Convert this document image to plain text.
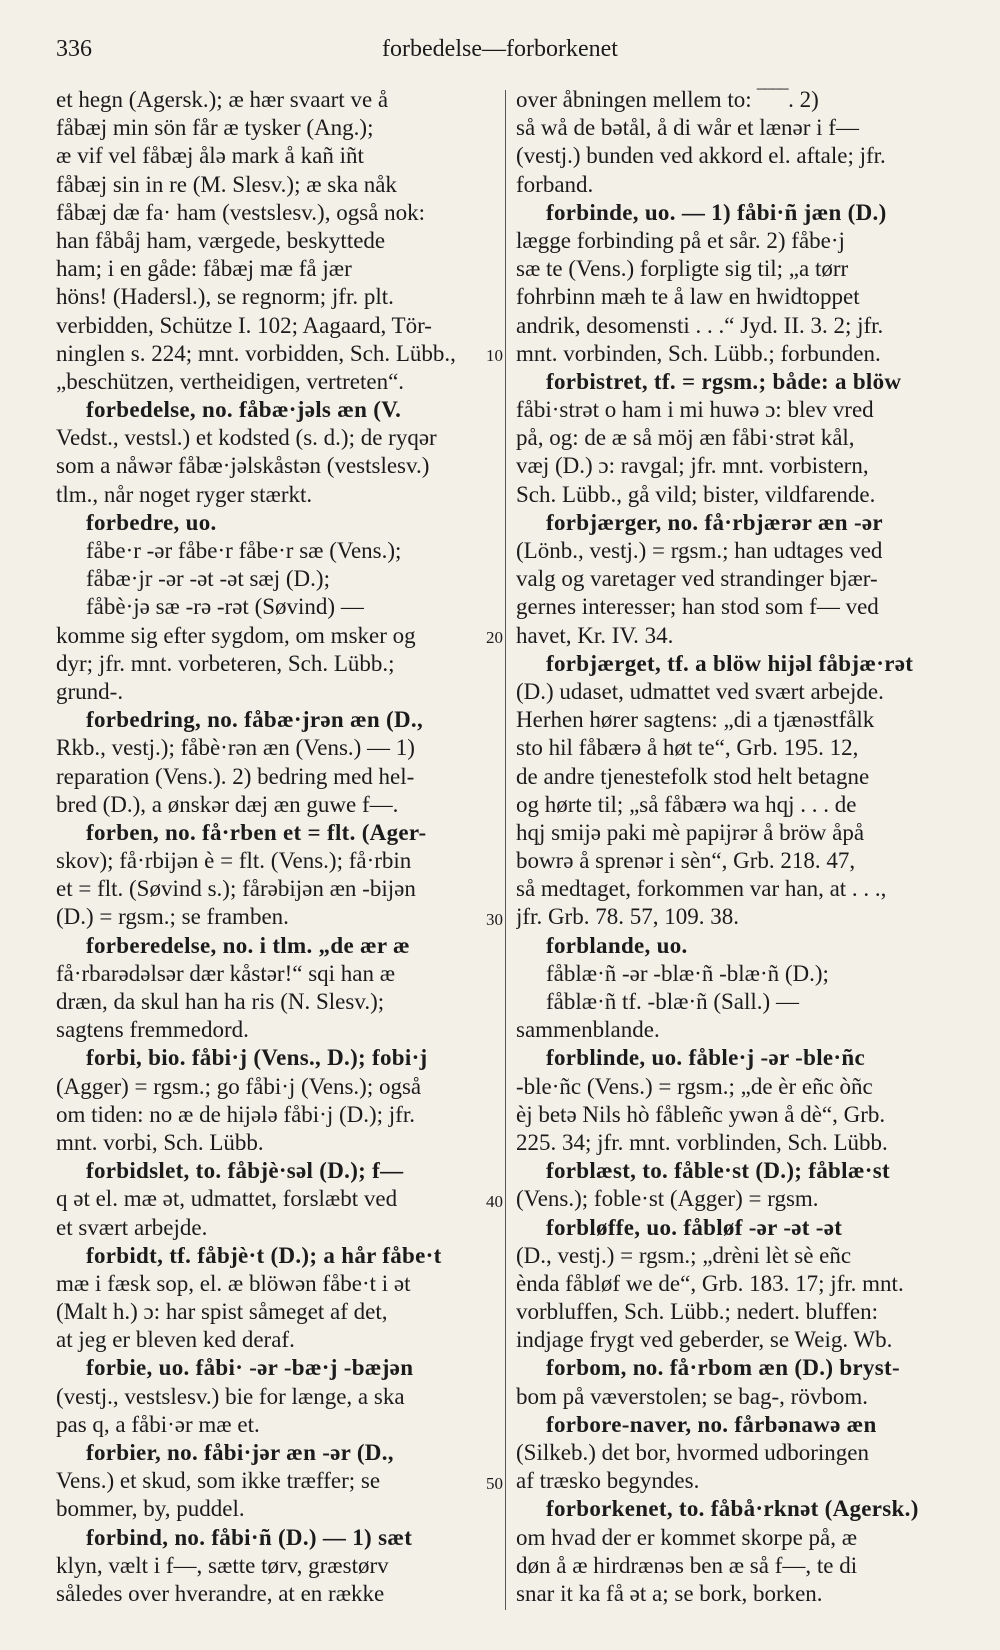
336	forbedelse—forborkenet
et hegn (Agersk.); æ hær svaart ve å
fåbæj min sön får æ tysker (Ang.);
æ vif vel fåbæj ålə mark å kañ iñt
fåbæj sin in re (M. Slesv.); æ ska nåk
fåbæj dæ fa· ham (vestslesv.), også nok:
han fåbåj ham, værgede, beskyttede
ham; i en gåde: fåbæj mæ få jær
höns! (Hadersl.), se regnorm; jfr. plt.
verbidden, Schütze I. 102; Aagaard, Tör-
ninglen s. 224; mnt. vorbidden, Sch. Lübb.,
„beschützen, vertheidigen, vertreten“.
forbedelse, no. fåbæ·jəls æn (V.
Vedst., vestsl.) et kodsted (s. d.); de ryqər
som a nåwər fåbæ·jəlskåstən (vestslesv.)
tlm., når noget ryger stærkt.
forbedre, uo.
fåbe·r -ər fåbe·r fåbe·r sæ (Vens.);
fåbæ·jr -ər -ət -ət sæj (D.);
fåbè·jə sæ -rə -rət (Søvind) —
komme sig efter sygdom, om msker og
dyr; jfr. mnt. vorbeteren, Sch. Lübb.;
grund-.
forbedring, no. fåbæ·jrən æn (D.,
Rkb., vestj.); fåbè·rən æn (Vens.) — 1)
reparation (Vens.). 2) bedring med hel-
bred (D.), a ønskər dæj æn guwe f—.
forben, no. få·rben et = flt. (Ager-
skov); få·rbijən è = flt. (Vens.); få·rbin
et = flt. (Søvind s.); fårəbijən æn -bijən
(D.) = rgsm.; se framben.
forberedelse, no. i tlm. „de ær æ
få·rbarədəlsər dær kåstər!“ sqi han æ
dræn, da skul han ha ris (N. Slesv.);
sagtens fremmedord.
forbi, bio. fåbi·j (Vens., D.); fobi·j
(Agger) = rgsm.; go fåbi·j (Vens.); også
om tiden: no æ de hijələ fåbi·j (D.); jfr.
mnt. vorbi, Sch. Lübb.
forbidslet, to. fåbjè·səl (D.); f—
q ət el. mæ ət, udmattet, forslæbt ved
et svært arbejde.
forbidt, tf. fåbjè·t (D.); a hår fåbe·t
mæ i fæsk sop, el. æ blöwən fåbe·t i ət
(Malt h.) ɔ: har spist såmeget af det,
at jeg er bleven ked deraf.
forbie, uo. fåbi· -ər -bæ·j -bæjən
(vestj., vestslesv.) bie for længe, a ska
pas q, a fåbi·ər mæ et.
forbier, no. fåbi·jər æn -ər (D.,
Vens.) et skud, som ikke træffer; se
bommer, by, puddel.
forbind, no. fåbi·ñ (D.) — 1) sæt
klyn, vælt i f—, sætte tørv, græstørv
således over hverandre, at en række
over åbningen mellem to: ‾‾‾‾. 2)
så wå de bətål, å di wår et lænər i f—
(vestj.) bunden ved akkord el. aftale; jfr.
forband.
forbinde, uo. — 1) fåbi·ñ jæn (D.)
lægge forbinding på et sår. 2) fåbe·j
sæ te (Vens.) forpligte sig til; „a tørr
fohrbinn mæh te å law en hwidtoppet
andrik, desomensti . . .“ Jyd. II. 3. 2; jfr.
mnt. vorbinden, Sch. Lübb.; forbunden.
forbistret, tf. = rgsm.; både: a blöw
fåbi·strət o ham i mi huwə ɔ: blev vred
på, og: de æ så möj æn fåbi·strət kål,
væj (D.) ɔ: ravgal; jfr. mnt. vorbistern,
Sch. Lübb., gå vild; bister, vildfarende.
forbjærger, no. få·rbjærər æn -ər
(Lönb., vestj.) = rgsm.; han udtages ved
valg og varetager ved strandinger bjær-
gernes interesser; han stod som f— ved
havet, Kr. IV. 34.
forbjærget, tf. a blöw hijəl fåbjæ·rət
(D.) udaset, udmattet ved svært arbejde.
Herhen hører sagtens: „di a tjænəstfålk
sto hil fåbærə å høt te“, Grb. 195. 12,
de andre tjenestefolk stod helt betagne
og hørte til; „så fåbærə wa hqj . . . de
hqj smijə paki mè papijrər å bröw åpå
bowrə å sprenər i sèn“, Grb. 218. 47,
så medtaget, forkommen var han, at . . .,
jfr. Grb. 78. 57, 109. 38.
forblande, uo.
fåblæ·ñ -ər -blæ·ñ -blæ·ñ (D.);
fåblæ·ñ tf. -blæ·ñ (Sall.) —
sammenblande.
forblinde, uo. fåble·j -ər -ble·ñc
-ble·ñc (Vens.) = rgsm.; „de èr eñc òñc
èj betə Nils hò fåbleñc ywən å dè“, Grb.
225. 34; jfr. mnt. vorblinden, Sch. Lübb.
forblæst, to. fåble·st (D.); fåblæ·st
(Vens.); foble·st (Agger) = rgsm.
forbløffe, uo. fåbløf -ər -ət -ət
(D., vestj.) = rgsm.; „drèni lèt sè eñc
ènda fåbløf we de“, Grb. 183. 17; jfr. mnt.
vorbluffen, Sch. Lübb.; nedert. bluffen:
indjage frygt ved geberder, se Weig. Wb.
forbom, no. få·rbom æn (D.) bryst-
bom på væverstolen; se bag-, rövbom.
forbore-naver, no. fårbənawə æn
(Silkeb.) det bor, hvormed udboringen
af træsko begyndes.
forborkenet, to. fåbå·rknət (Agersk.)
om hvad der er kommet skorpe på, æ
døn å æ hirdrænəs ben æ så f—, te di
snar it ka få ət a; se bork, borken.
10
20
30
40
50
